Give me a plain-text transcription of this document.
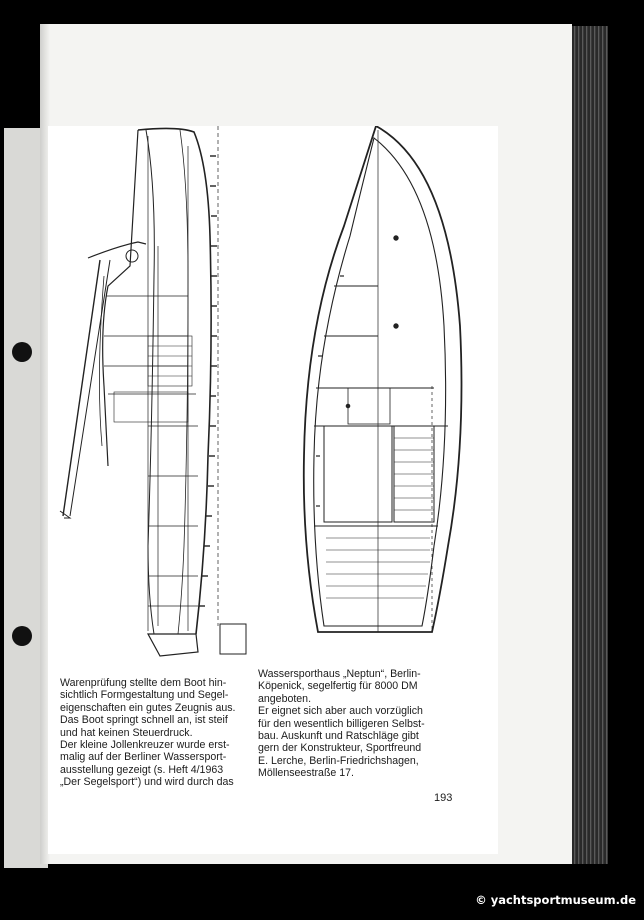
Warenprüfung stellte dem Boot hin-
sichtlich Formgestaltung und Segel-
eigenschaften ein gutes Zeugnis aus.
Das Boot springt schnell an, ist steif
und hat keinen Steuerdruck.
Der kleine Jollenkreuzer wurde erst-
malig auf der Berliner Wassersport-
ausstellung gezeigt (s. Heft 4/1963
„Der Segelsport“) und wird durch das
Wassersporthaus „Neptun“, Berlin-
Köpenick, segelfertig für 8000 DM
angeboten.
Er eignet sich aber auch vorzüglich
für den wesentlich billigeren Selbst-
bau. Auskunft und Ratschläge gibt
gern der Konstrukteur, Sportfreund
E. Lerche, Berlin-Friedrichshagen,
Möllenseestraße 17.
193
© yachtsportmuseum.de
